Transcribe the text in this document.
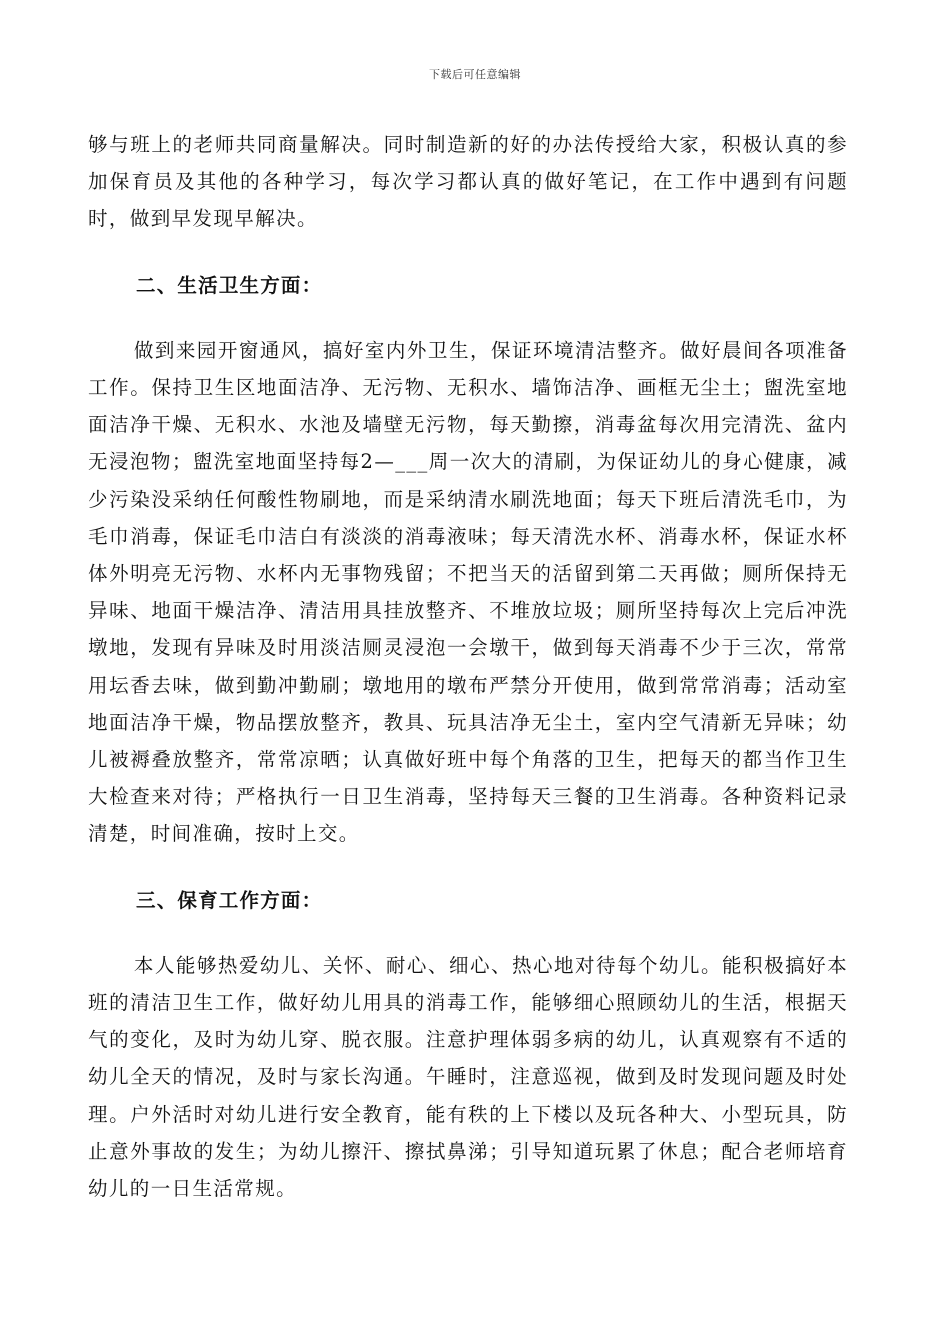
下载后可任意编辑

够与班上的老师共同商量解决。同时制造新的好的办法传授给大家，积极认真的参加保育员及其他的各种学习，每次学习都认真的做好笔记，在工作中遇到有问题时，做到早发现早解决。

二、生活卫生方面：

做到来园开窗通风，搞好室内外卫生，保证环境清洁整齐。做好晨间各项准备工作。保持卫生区地面洁净、无污物、无积水、墙饰洁净、画框无尘土；盥洗室地面洁净干燥、无积水、水池及墙壁无污物，每天勤擦，消毒盆每次用完清洗、盆内无浸泡物；盥洗室地面坚持每2—___周一次大的清刷，为保证幼儿的身心健康，减少污染没采纳任何酸性物刷地，而是采纳清水刷洗地面；每天下班后清洗毛巾，为毛巾消毒，保证毛巾洁白有淡淡的消毒液味；每天清洗水杯、消毒水杯，保证水杯体外明亮无污物、水杯内无事物残留；不把当天的活留到第二天再做；厕所保持无异味、地面干燥洁净、清洁用具挂放整齐、不堆放垃圾；厕所坚持每次上完后冲洗墩地，发现有异味及时用淡洁厕灵浸泡一会墩干，做到每天消毒不少于三次，常常用坛香去味，做到勤冲勤刷；墩地用的墩布严禁分开使用，做到常常消毒；活动室地面洁净干燥，物品摆放整齐，教具、玩具洁净无尘土，室内空气清新无异味；幼儿被褥叠放整齐，常常凉晒；认真做好班中每个角落的卫生，把每天的都当作卫生大检查来对待；严格执行一日卫生消毒，坚持每天三餐的卫生消毒。各种资料记录清楚，时间准确，按时上交。

三、保育工作方面：

本人能够热爱幼儿、关怀、耐心、细心、热心地对待每个幼儿。能积极搞好本班的清洁卫生工作，做好幼儿用具的消毒工作，能够细心照顾幼儿的生活，根据天气的变化，及时为幼儿穿、脱衣服。注意护理体弱多病的幼儿，认真观察有不适的幼儿全天的情况，及时与家长沟通。午睡时，注意巡视，做到及时发现问题及时处理。户外活时对幼儿进行安全教育，能有秩的上下楼以及玩各种大、小型玩具，防止意外事故的发生；为幼儿擦汗、擦拭鼻涕；引导知道玩累了休息；配合老师培育幼儿的一日生活常规。
